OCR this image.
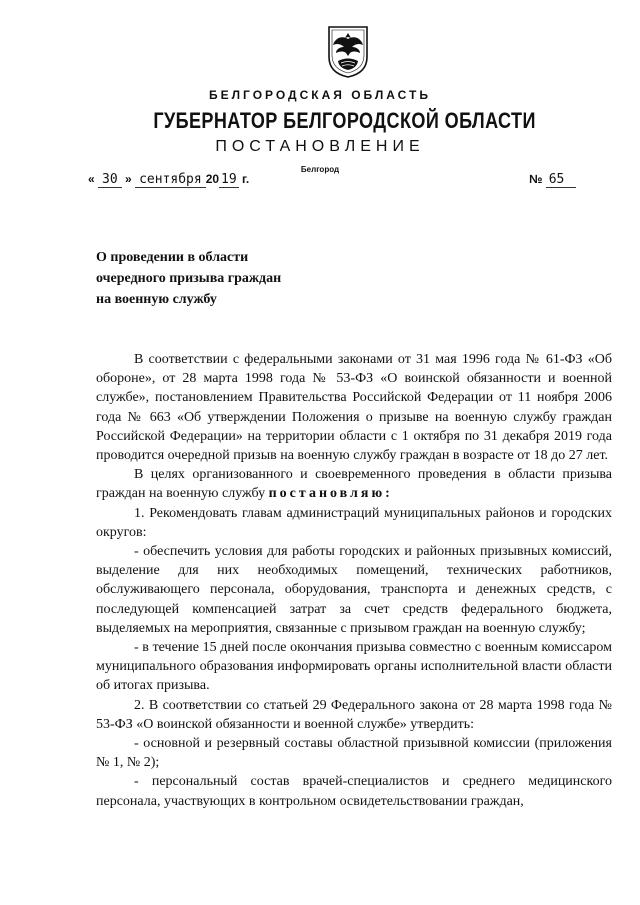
БЕЛГОРОДСКАЯ ОБЛАСТЬ
ГУБЕРНАТОР БЕЛГОРОДСКОЙ ОБЛАСТИ
ПОСТАНОВЛЕНИЕ
Белгород
« 30 » сентября 20 19 г.	№ 65
О проведении в области
очередного призыва граждан
на военную службу

В соответствии с федеральными законами от 31 мая 1996 года № 61-ФЗ «Об обороне», от 28 марта 1998 года № 53-ФЗ «О воинской обязанности и военной службе», постановлением Правительства Российской Федерации от 11 ноября 2006 года № 663 «Об утверждении Положения о призыве на военную службу граждан Российской Федерации» на территории области с 1 октября по 31 декабря 2019 года проводится очередной призыв на военную службу граждан в возрасте от 18 до 27 лет.

В целях организованного и своевременного проведения в области призыва граждан на военную службу постановляю:

1. Рекомендовать главам администраций муниципальных районов и городских округов:

- обеспечить условия для работы городских и районных призывных комиссий, выделение для них необходимых помещений, технических работников, обслуживающего персонала, оборудования, транспорта и денежных средств, с последующей компенсацией затрат за счет средств федерального бюджета, выделяемых на мероприятия, связанные с призывом граждан на военную службу;

- в течение 15 дней после окончания призыва совместно с военным комиссаром муниципального образования информировать органы исполнительной власти области об итогах призыва.

2. В соответствии со статьей 29 Федерального закона от 28 марта 1998 года № 53-ФЗ «О воинской обязанности и военной службе» утвердить:

- основной и резервный составы областной призывной комиссии (приложения № 1, № 2);

- персональный состав врачей-специалистов и среднего медицинского персонала, участвующих в контрольном освидетельствовании граждан,
